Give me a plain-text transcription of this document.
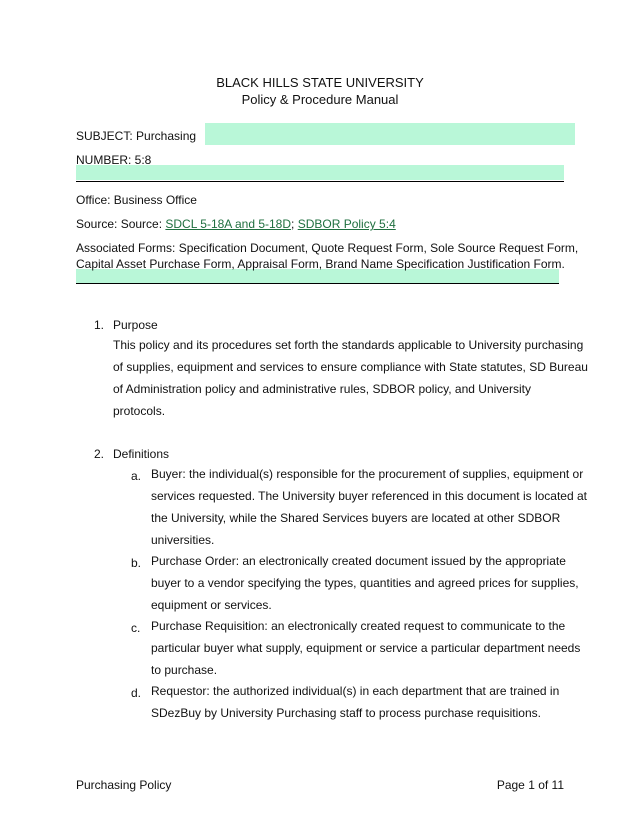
BLACK HILLS STATE UNIVERSITY
Policy & Procedure Manual
SUBJECT: Purchasing
NUMBER: 5:8
Office: Business Office
Source: Source: SDCL 5-18A and 5-18D; SDBOR Policy 5:4
Associated Forms: Specification Document, Quote Request Form, Sole Source Request Form,
Capital Asset Purchase Form, Appraisal Form, Brand Name Specification Justification Form.
1. Purpose
This policy and its procedures set forth the standards applicable to University purchasing
of supplies, equipment and services to ensure compliance with State statutes, SD Bureau
of Administration policy and administrative rules, SDBOR policy, and University
protocols.
2. Definitions
a. Buyer: the individual(s) responsible for the procurement of supplies, equipment or
services requested. The University buyer referenced in this document is located at
the University, while the Shared Services buyers are located at other SDBOR
universities.
b. Purchase Order: an electronically created document issued by the appropriate
buyer to a vendor specifying the types, quantities and agreed prices for supplies,
equipment or services.
c. Purchase Requisition: an electronically created request to communicate to the
particular buyer what supply, equipment or service a particular department needs
to purchase.
d. Requestor: the authorized individual(s) in each department that are trained in
SDezBuy by University Purchasing staff to process purchase requisitions.
Purchasing Policy	Page 1 of 11
